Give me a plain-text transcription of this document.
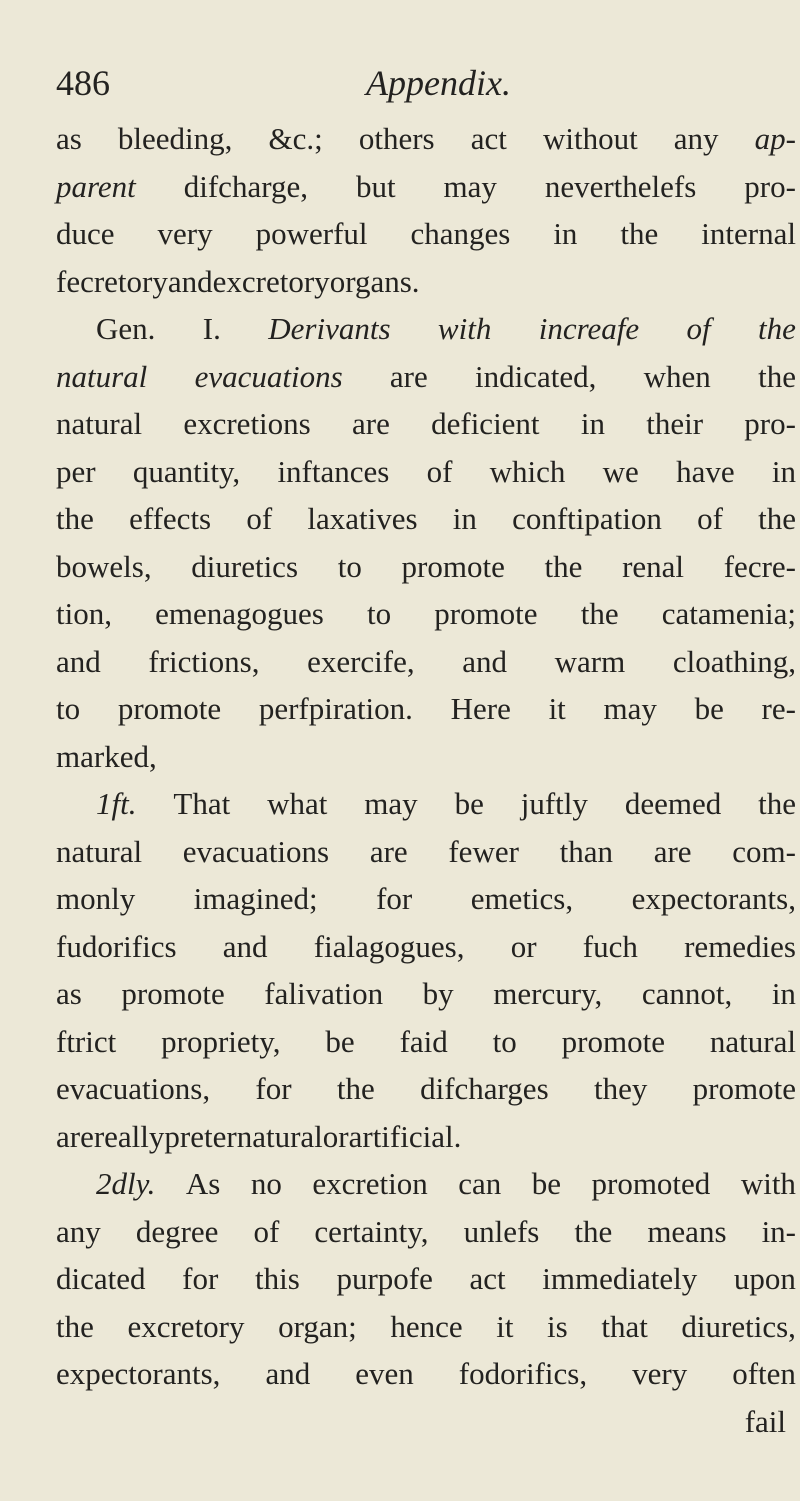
486	Appendix.
as bleeding, &c.; others act without any ap-
parent difcharge, but may neverthelefs pro-
duce very powerful changes in the internal
fecretory and excretory organs.
Gen. I. Derivants with increafe of the
natural evacuations are indicated, when the
natural excretions are deficient in their pro-
per quantity, inftances of which we have in
the effects of laxatives in conftipation of the
bowels, diuretics to promote the renal fecre-
tion, emenagogues to promote the catamenia;
and frictions, exercife, and warm cloathing,
to promote perfpiration. Here it may be re-
marked,
1ft. That what may be juftly deemed the
natural evacuations are fewer than are com-
monly imagined; for emetics, expectorants,
fudorifics and fialagogues, or fuch remedies
as promote falivation by mercury, cannot, in
ftrict propriety, be faid to promote natural
evacuations, for the difcharges they promote
are really preternatural or artificial.
2dly. As no excretion can be promoted with
any degree of certainty, unlefs the means in-
dicated for this purpofe act immediately upon
the excretory organ; hence it is that diuretics,
expectorants, and even fodorifics, very often
fail
